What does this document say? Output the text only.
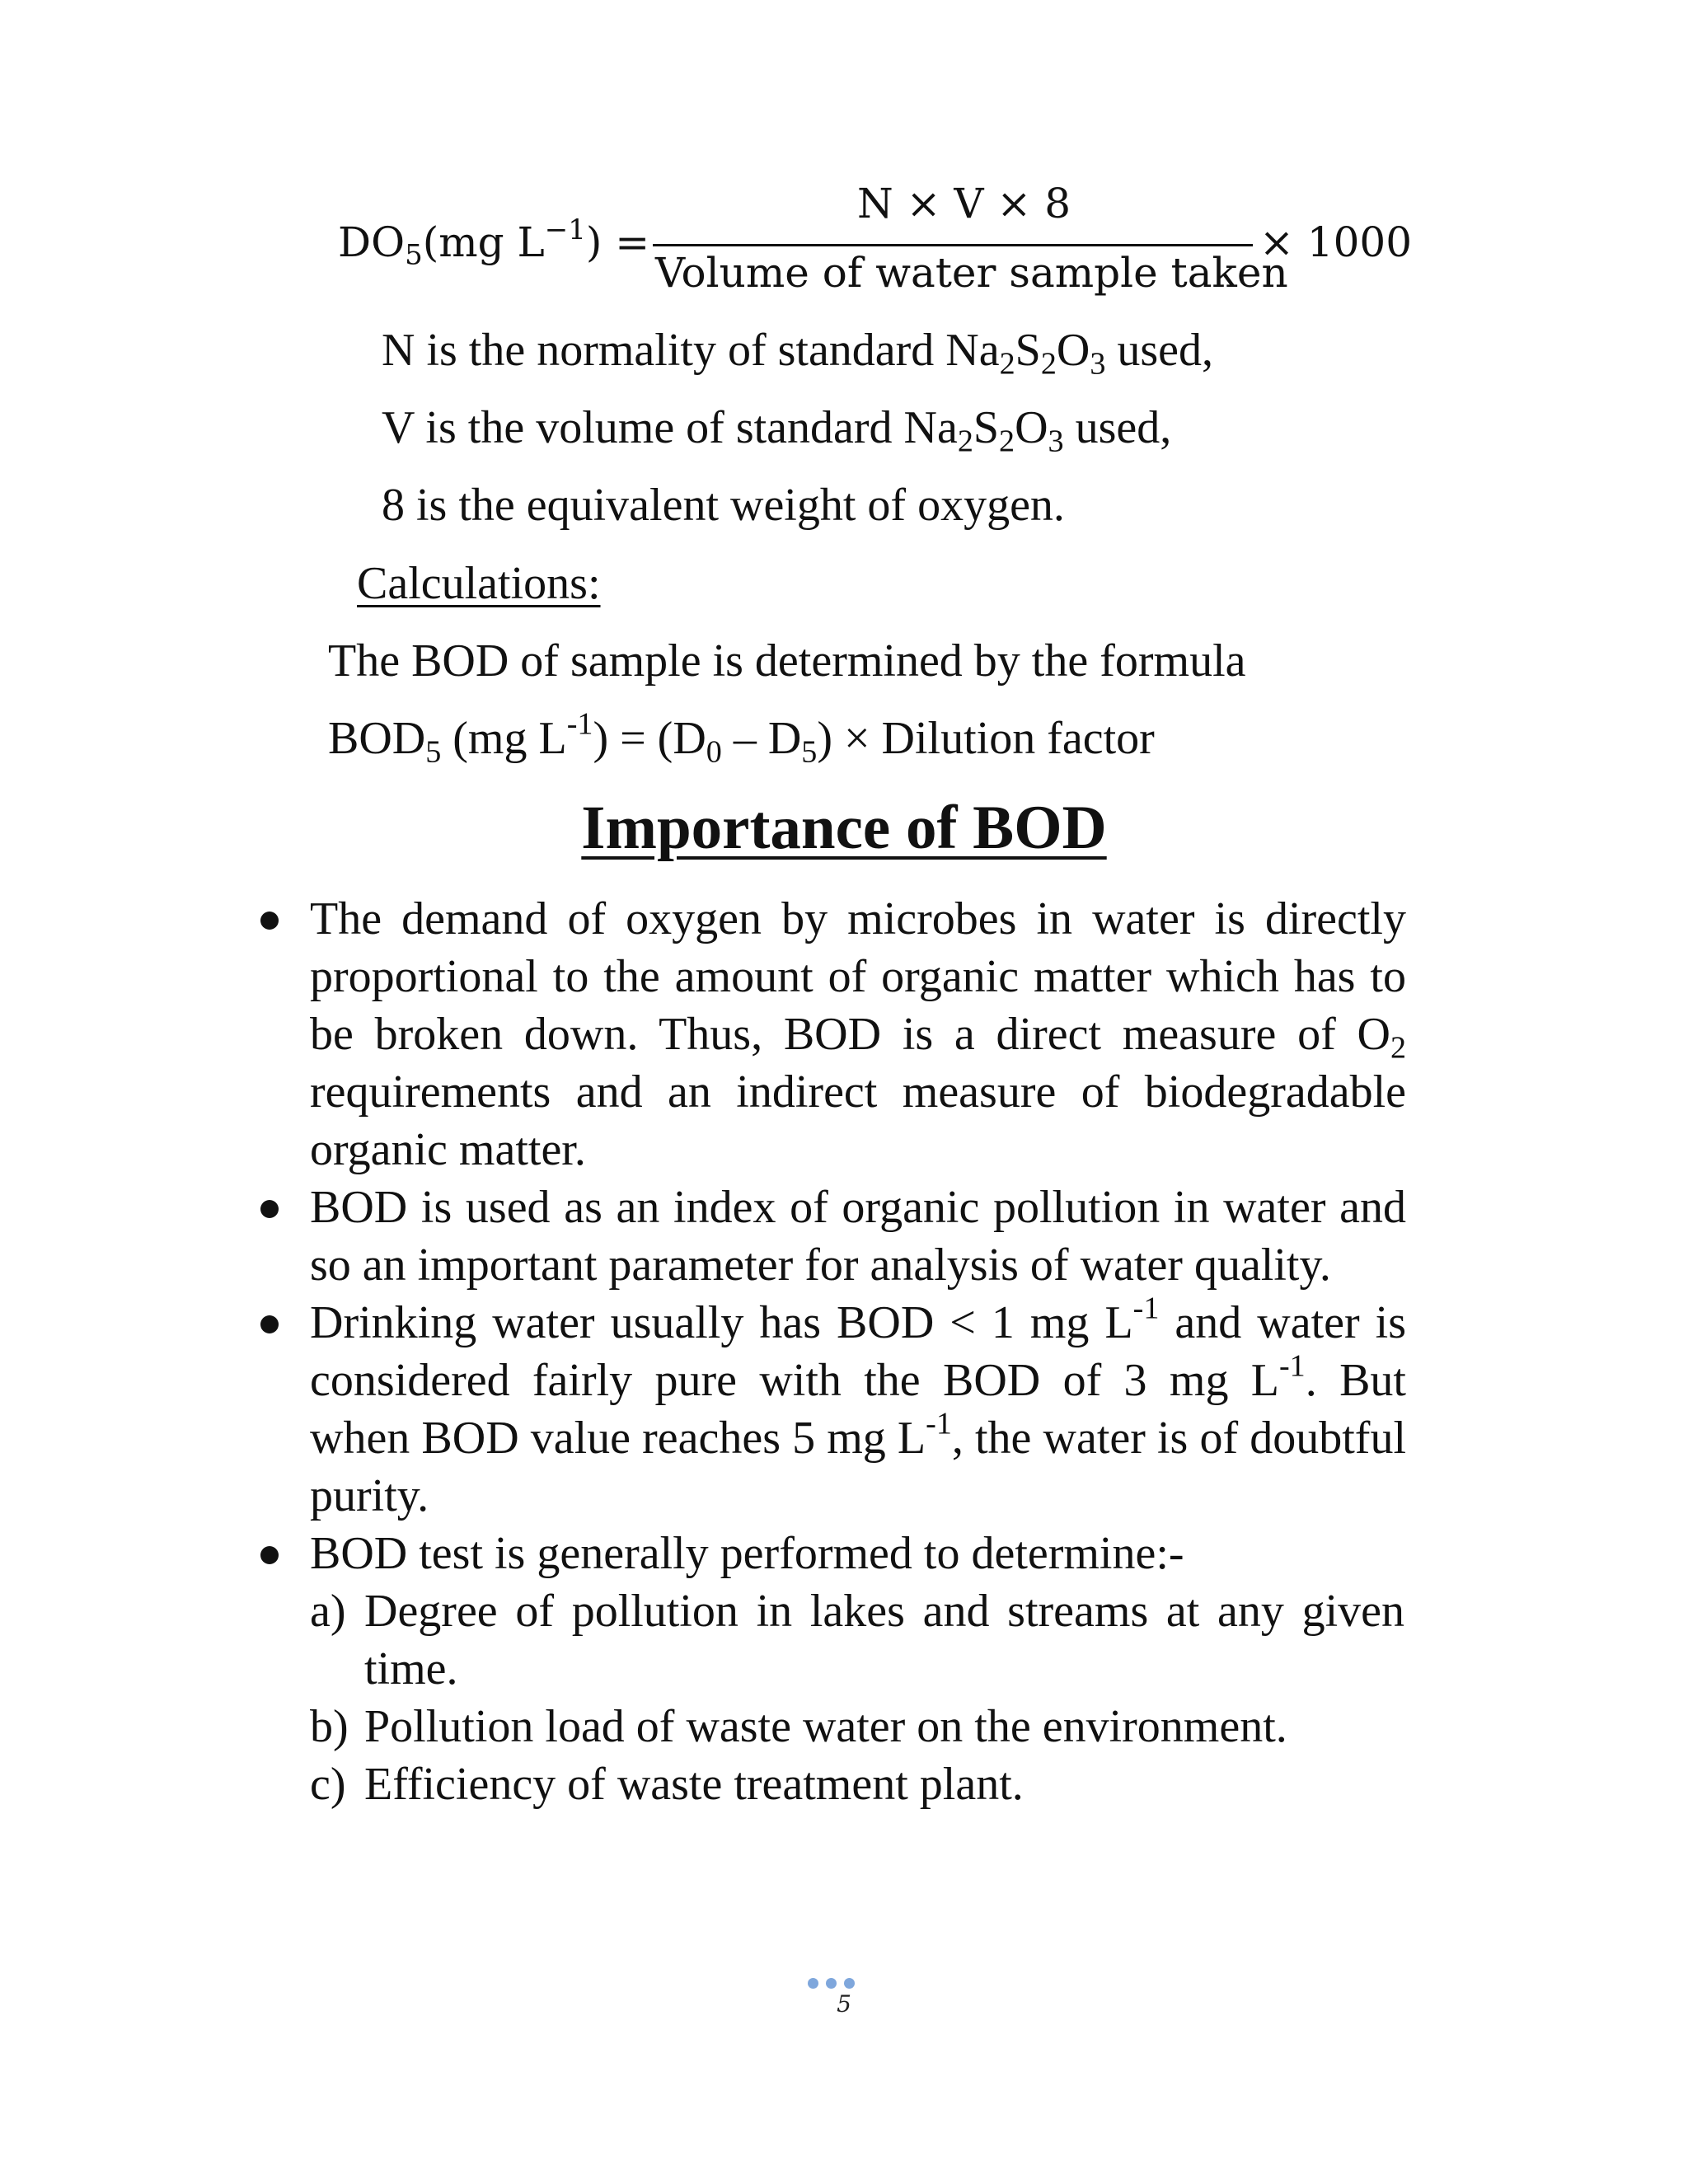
$DO_5(mg$ $L^{-1}$) =
N × V × 8
Volume of water sample taken
× 1000
N is the normality of standard $Na_2S_2O_3$ used,
V is the volume of standard $Na_2S_2O_3$ used,
8 is the equivalent weight of oxygen.
Calculations:
The BOD of sample is determined by the formula
$BOD_5$ (mg $L^{-1}) = (D_0 - D_5)$ × Dilution factor
Importance of BOD
The demand of oxygen by microbes in water is directly proportional to the amount of organic matter which has to be broken down. Thus, BOD is a direct measure of $O_2$ requirements and an indirect measure of biodegradable organic matter.
BOD is used as an index of organic pollution in water and so an important parameter for analysis of water quality.
Drinking water usually has BOD < 1 mg $L^{-1}$ and water is considered fairly pure with the BOD of 3 mg $L^{-1}$. But when BOD value reaches 5 mg $L^{-1}$, the water is of doubtful purity.
BOD test is generally performed to determine:-
a) Degree of pollution in lakes and streams at any given time.
b) Pollution load of waste water on the environment.
c) Efficiency of waste treatment plant.
5
